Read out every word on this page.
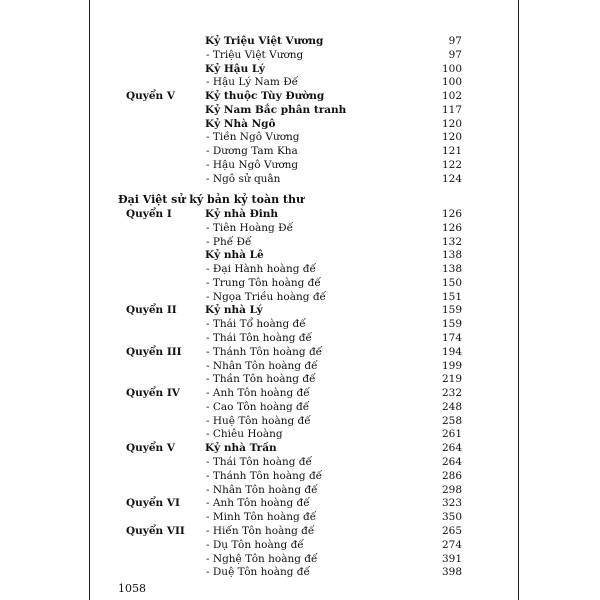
Kỷ Triệu Việt Vương	97
- Triệu Việt Vương	97
Kỷ Hậu Lý	100
- Hậu Lý Nam Đế	100
Quyển V	Kỷ thuộc Tùy Đường	102
Kỷ Nam Bắc phân tranh	117
Kỷ Nhà Ngô	120
- Tiền Ngô Vương	120
- Dương Tam Kha	121
- Hậu Ngô Vương	122
- Ngô sử quân	124
Đại Việt sử ký bản kỷ toàn thư
Quyển I	Kỷ nhà Đinh	126
- Tiên Hoàng Đế	126
- Phế Đế	132
Kỷ nhà Lê	138
- Đại Hành hoàng đế	138
- Trung Tôn hoàng đế	150
- Ngọa Triều hoàng đế	151
Quyển II	Kỷ nhà Lý	159
- Thái Tổ hoàng đế	159
- Thái Tôn hoàng đế	174
Quyển III - Thánh Tôn hoàng đế	194
- Nhân Tôn hoàng đế	199
- Thần Tôn hoàng đế	219
Quyển IV - Anh Tôn hoàng đế	232
- Cao Tôn hoàng đế	248
- Huệ Tôn hoàng đế	258
- Chiêu Hoàng	261
Quyển V	Kỷ nhà Trần	264
- Thái Tôn hoàng đế	264
- Thánh Tôn hoàng đế	286
- Nhân Tôn hoàng đế	298
Quyển VI - Anh Tôn hoàng đế	323
- Minh Tôn hoàng đế	350
Quyển VII - Hiến Tôn hoàng đế	265
- Dụ Tôn hoàng đế	274
- Nghệ Tôn hoàng đế	391
- Duệ Tôn hoàng đế	398
1058
